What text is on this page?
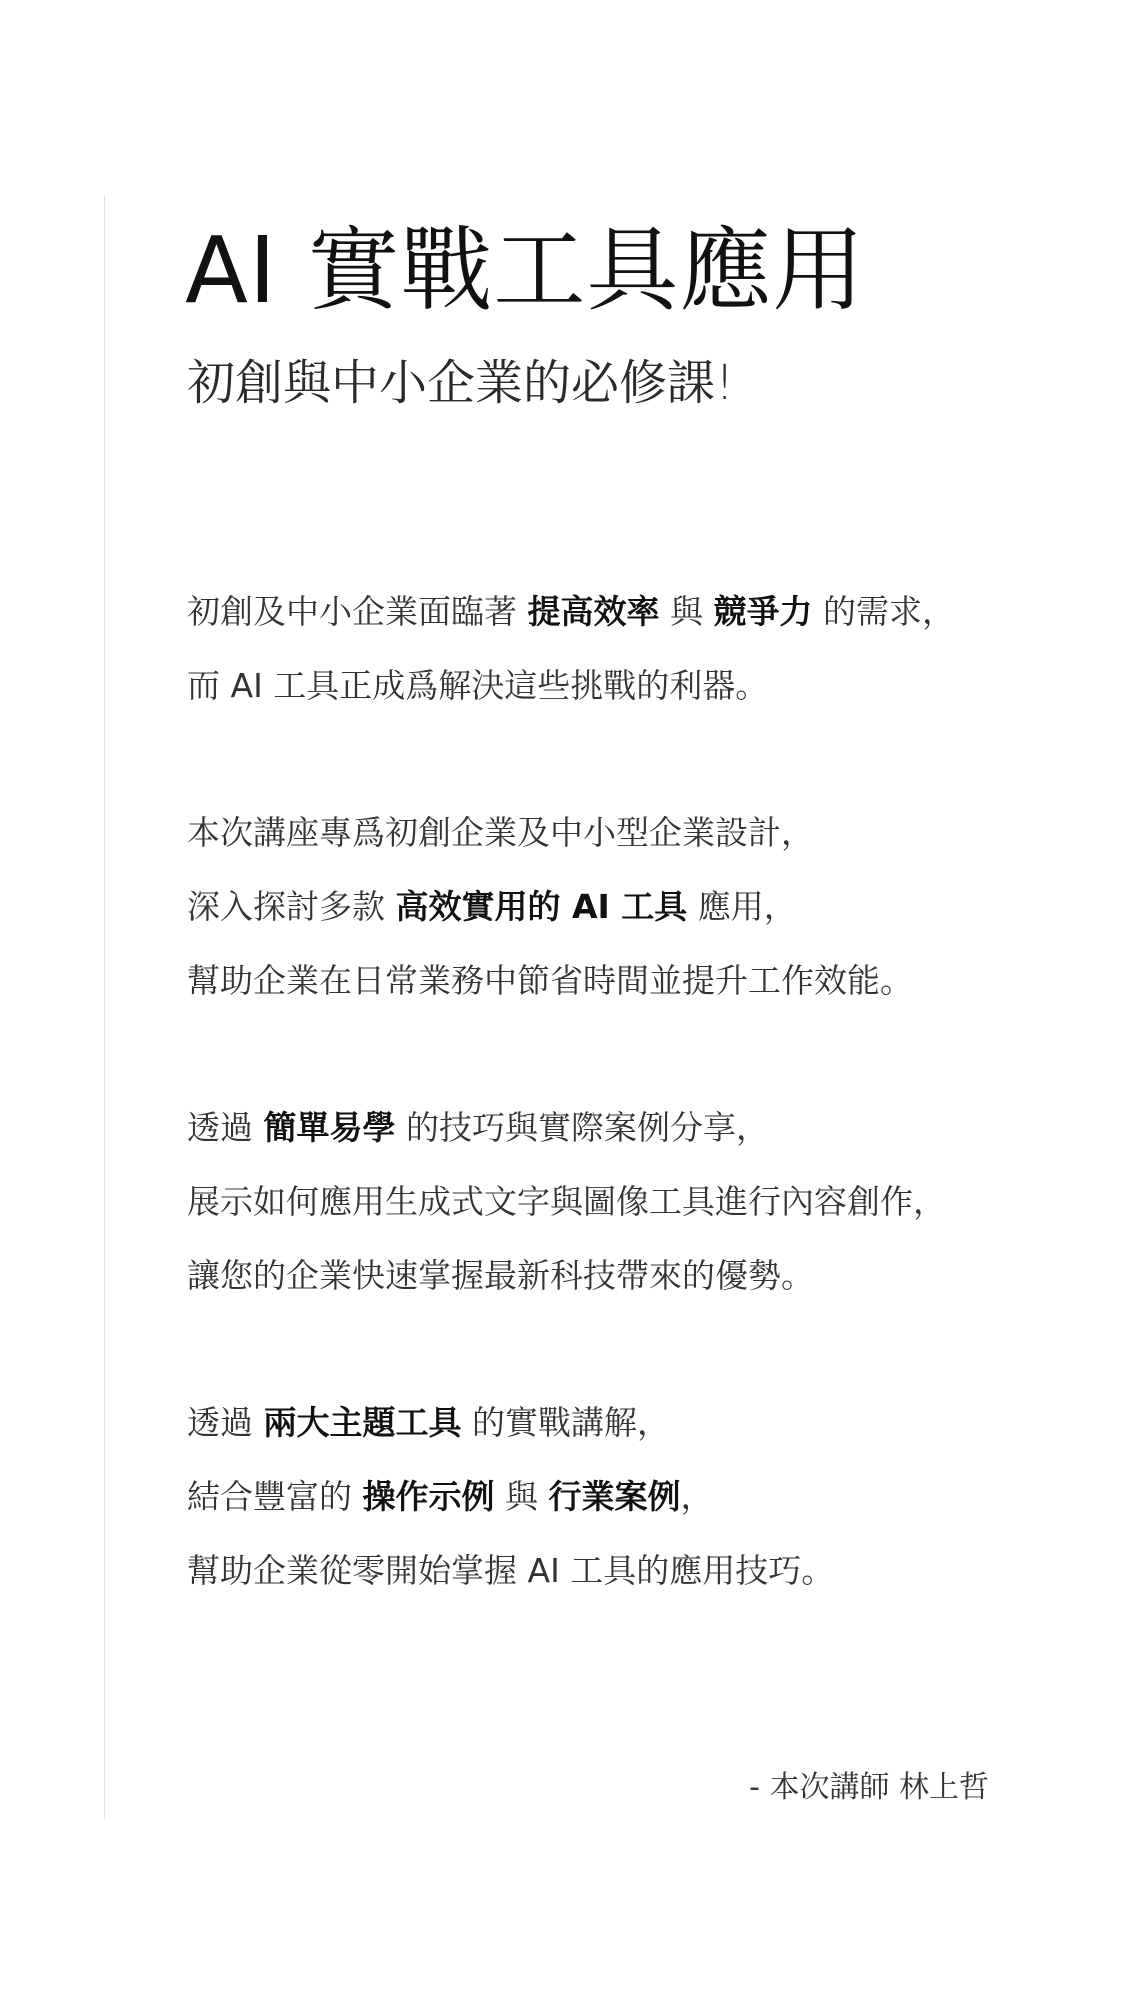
AI 實戰工具應用
初創與中小企業的必修課!
初創及中小企業面臨著 提高效率 與 競爭力 的需求，
而 AI 工具正成爲解決這些挑戰的利器。
本次講座專爲初創企業及中小型企業設計，
深入探討多款 高效實用的 AI 工具 應用，
幫助企業在日常業務中節省時間並提升工作效能。
透過 簡單易學 的技巧與實際案例分享，
展示如何應用生成式文字與圖像工具進行內容創作，
讓您的企業快速掌握最新科技帶來的優勢。
透過 兩大主題工具 的實戰講解，
結合豐富的 操作示例 與 行業案例，
幫助企業從零開始掌握 AI 工具的應用技巧。
- 本次講師 林上哲
